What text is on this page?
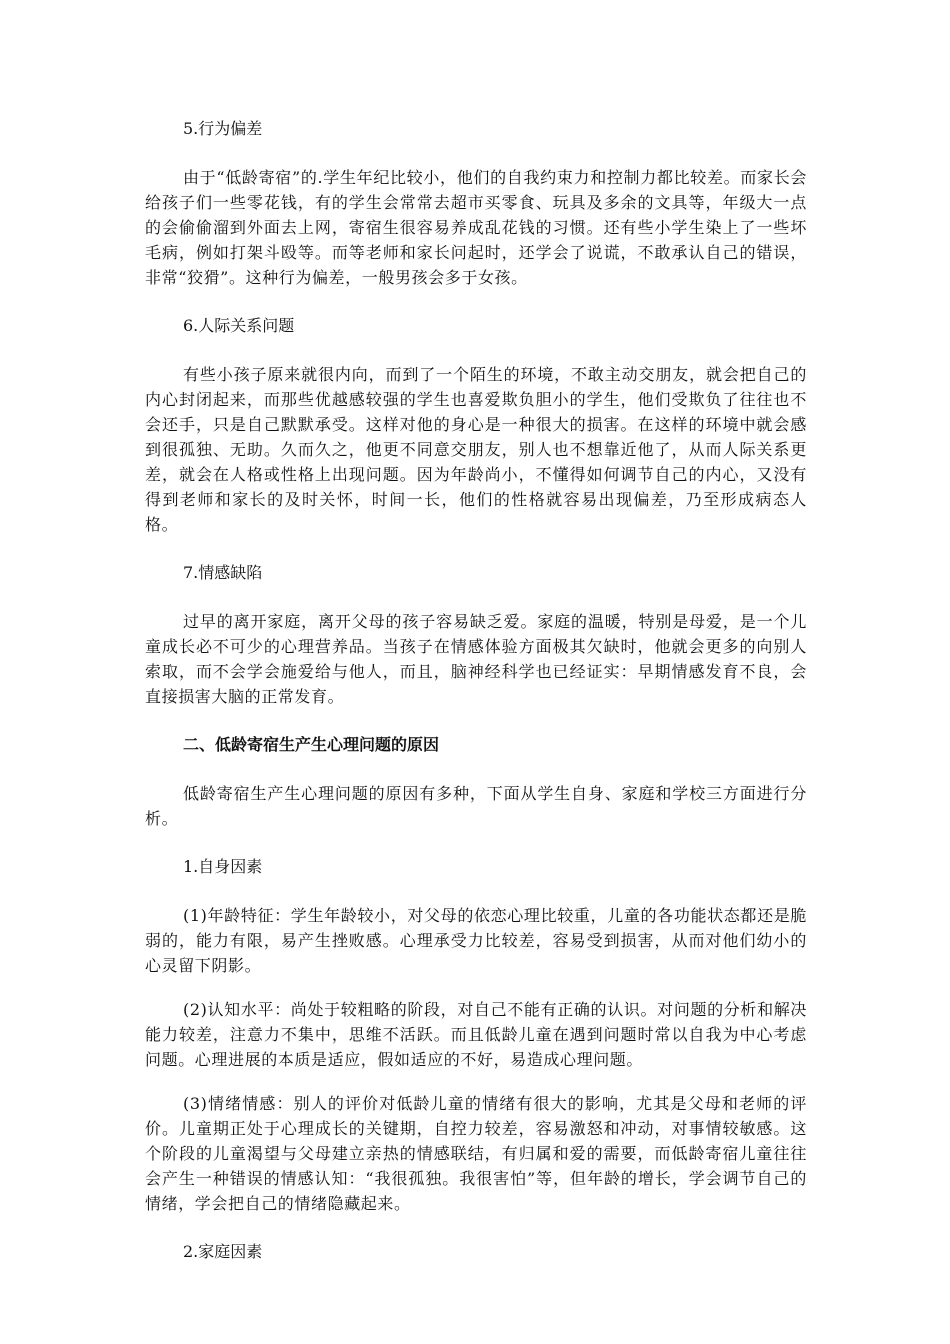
5.行为偏差

由于“低龄寄宿”的.学生年纪比较小，他们的自我约束力和控制力都比较差。而家长会给孩子们一些零花钱，有的学生会常常去超市买零食、玩具及多余的文具等，年级大一点的会偷偷溜到外面去上网，寄宿生很容易养成乱花钱的习惯。还有些小学生染上了一些坏毛病，例如打架斗殴等。而等老师和家长问起时，还学会了说谎，不敢承认自己的错误，非常“狡猾”。这种行为偏差，一般男孩会多于女孩。

6.人际关系问题

有些小孩子原来就很内向，而到了一个陌生的环境，不敢主动交朋友，就会把自己的内心封闭起来，而那些优越感较强的学生也喜爱欺负胆小的学生，他们受欺负了往往也不会还手，只是自己默默承受。这样对他的身心是一种很大的损害。在这样的环境中就会感到很孤独、无助。久而久之，他更不同意交朋友，别人也不想靠近他了，从而人际关系更差，就会在人格或性格上出现问题。因为年龄尚小，不懂得如何调节自己的内心，又没有得到老师和家长的及时关怀，时间一长，他们的性格就容易出现偏差，乃至形成病态人格。

7.情感缺陷

过早的离开家庭，离开父母的孩子容易缺乏爱。家庭的温暖，特别是母爱，是一个儿童成长必不可少的心理营养品。当孩子在情感体验方面极其欠缺时，他就会更多的向别人索取，而不会学会施爱给与他人，而且，脑神经科学也已经证实：早期情感发育不良，会直接损害大脑的正常发育。

二、低龄寄宿生产生心理问题的原因

低龄寄宿生产生心理问题的原因有多种，下面从学生自身、家庭和学校三方面进行分析。

1.自身因素

(1)年龄特征：学生年龄较小，对父母的依恋心理比较重，儿童的各功能状态都还是脆弱的，能力有限，易产生挫败感。心理承受力比较差，容易受到损害，从而对他们幼小的心灵留下阴影。

(2)认知水平：尚处于较粗略的阶段，对自己不能有正确的认识。对问题的分析和解决能力较差，注意力不集中，思维不活跃。而且低龄儿童在遇到问题时常以自我为中心考虑问题。心理进展的本质是适应，假如适应的不好，易造成心理问题。

(3)情绪情感：别人的评价对低龄儿童的情绪有很大的影响，尤其是父母和老师的评价。儿童期正处于心理成长的关键期，自控力较差，容易激怒和冲动，对事情较敏感。这个阶段的儿童渴望与父母建立亲热的情感联结，有归属和爱的需要，而低龄寄宿儿童往往会产生一种错误的情感认知：“我很孤独。我很害怕”等，但年龄的增长，学会调节自己的情绪，学会把自己的情绪隐藏起来。

2.家庭因素
